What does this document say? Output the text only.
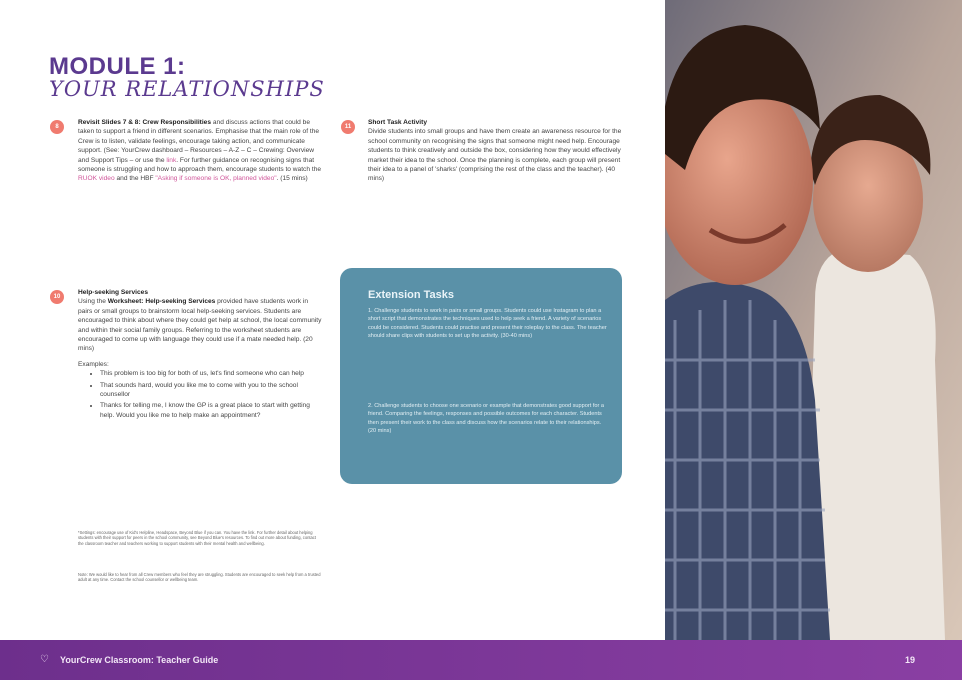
MODULE 1:
YOUR RELATIONSHIPS
8
Revisit Slides 7 & 8: Crew Responsibilities and discuss actions that could be taken to support a friend in different scenarios. Emphasise that the main role of the Crew is to listen, validate feelings, encourage taking action, and communicate support. (See: YourCrew dashboard – Resources – A-Z – C – Crewing: Overview and Support Tips – or use the link. For further guidance on recognising signs that someone is struggling and how to approach them, encourage students to watch the RUOK video and the HBF "Asking if someone is OK, planned video". (15 mins)
10
Help-seeking Services
Using the Worksheet: Help-seeking Services provided have students work in pairs or small groups to brainstorm local help-seeking services. Students are encouraged to think about where they could get help at school, the local community and within their social family groups. Referring to the worksheet students are encouraged to come up with language they could use if a mate needed help. (20 mins)
Examples:
• This problem is too big for both of us, let's find someone who can help
• That sounds hard, would you like me to come with you to the school counsellor
• Thanks for telling me, I know the GP is a great place to start with getting help. Would you like me to help make an appointment?
*Settings: encourage use of Kid's Helpline, Headspace, Beyond Blue if you can. You have the link. For further detail about helping students with their support for peers in the school community, see Beyond Blue's resources. To find out more about funding, contact the classroom teacher and teachers working to support students with their mental health and wellbeing.
Note: We would like to hear from all Crew members who feel they are struggling. Students are encouraged to seek help from a trusted adult at any time. Contact the school counsellor or wellbeing team.
11
Short Task Activity
Divide students into small groups and have them create an awareness resource for the school community on recognising the signs that someone might need help. Encourage students to think creatively and outside the box, considering how they would effectively market their idea to the school. Once the planning is complete, each group will present their idea to a panel of 'sharks' (comprising the rest of the class and the teacher). (40 mins)
Extension Tasks
1. Challenge students to work in pairs or small groups. Students could use Instagram to plan a short script that demonstrates the techniques used to help seek a friend. A variety of scenarios could be considered. Students could practise and present their roleplay to the class. The teacher should share clips with students to set up the activity. (30-40 mins)
2. Challenge students to choose one scenario or example that demonstrates good support for a friend. Comparing the feelings, responses and possible outcomes for each character. Students then present their work to the class and discuss how the scenarios relate to their relationships. (20 mins)
♡ YourCrew Classroom: Teacher Guide	19
